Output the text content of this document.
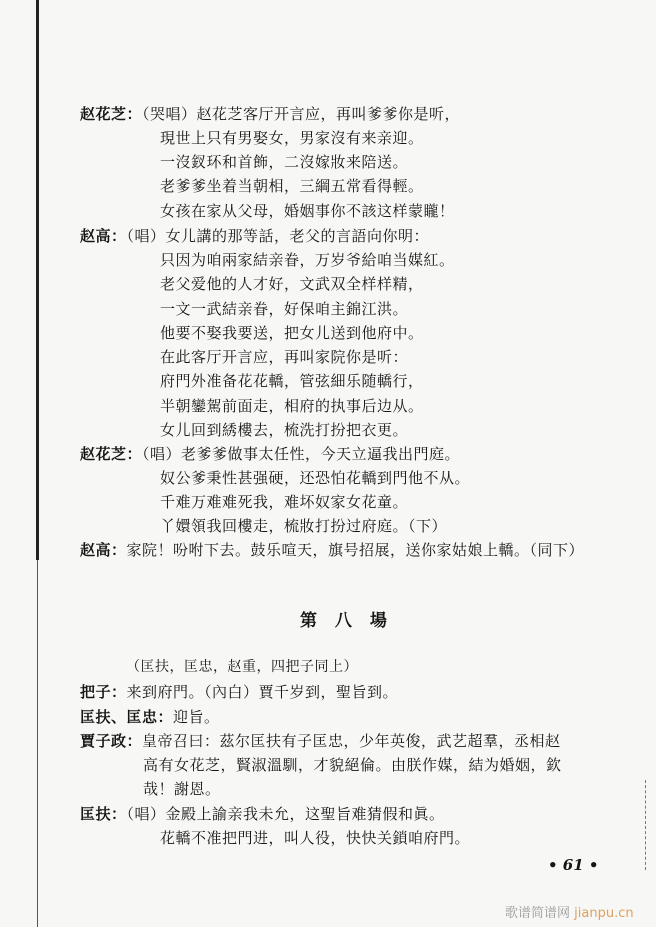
赵花芝：（哭唱）赵花芝客厅开言应，再叫爹爹你是听，
現世上只有男娶女，男家沒有来亲迎。
一沒釵环和首飾，二沒嫁妝来陪送。
老爹爹坐着当朝相，三綱五常看得輕。
女孩在家从父母，婚姻事你不該这样蒙矓！
赵高：（唱）女儿講的那等話，老父的言語向你明：
只因为咱兩家結亲眷，万岁爷給咱当媒紅。
老父爱他的人才好，文武双全样样精，
一文一武結亲眷，好保咱主錦江洪。
他要不娶我要送，把女儿送到他府中。
在此客厅开言应，再叫家院你是听：
府門外准备花花轎，管弦細乐随轎行，
半朝鑾駕前面走，相府的执事后边从。
女儿回到綉樓去，梳洗打扮把衣更。
赵花芝：（唱）老爹爹做事太任性，今天立逼我出門庭。
奴公爹秉性甚强硬，还恐怕花轎到門他不从。
千难万难难死我，难坏奴家女花童。
丫嬛領我回樓走，梳妝打扮过府庭。（下）
赵高：家院！吩咐下去。鼓乐喧天，旗号招展，送你家姑娘上轎。（同下）
第 八 場
（匡扶，匡忠，赵重，四把子同上）
把子：来到府門。（內白）賈千岁到，聖旨到。
匡扶、匡忠：迎旨。
賈子政：皇帝召曰：茲尔匡扶有子匡忠，少年英俊，武艺超羣，丞相赵
高有女花芝，賢淑溫馴，才貌絕倫。由朕作媒，結为婚姻，欽
哉！謝恩。
匡扶：（唱）金殿上諭亲我未允，这聖旨难猜假和眞。
花轎不准把門进，叫人役，快快关鎖咱府門。
• 61 •
歌谱简谱网 jianpu.cn
